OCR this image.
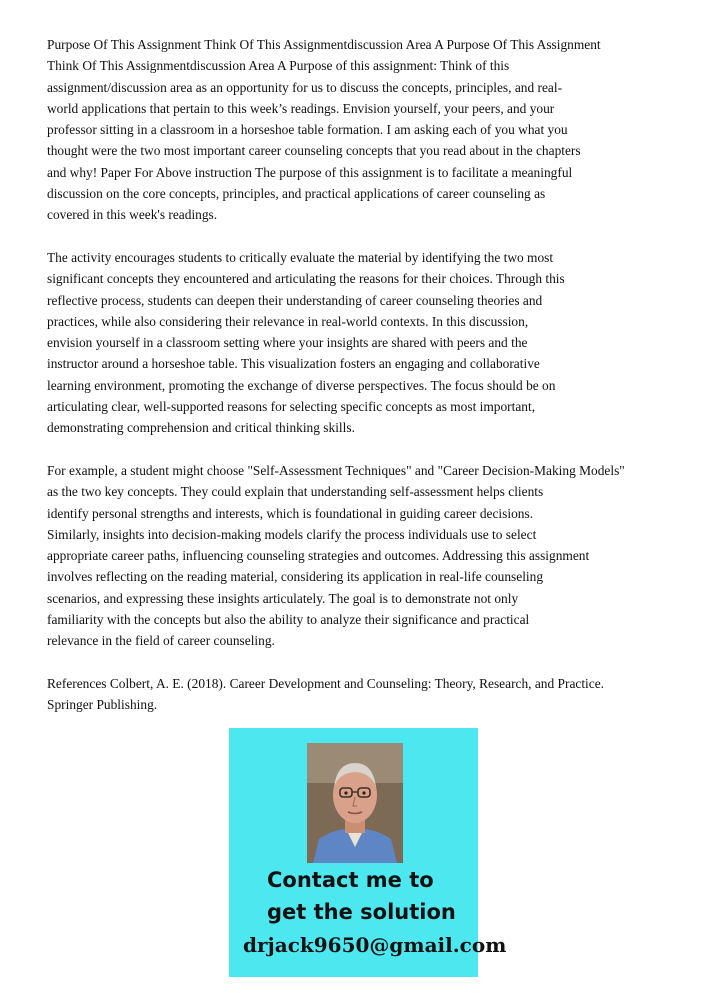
Purpose Of This Assignment Think Of This Assignmentdiscussion Area A Purpose Of This Assignment
Think Of This Assignmentdiscussion Area A Purpose of this assignment: Think of this
assignment/discussion area as an opportunity for us to discuss the concepts, principles, and real-
world applications that pertain to this week’s readings. Envision yourself, your peers, and your
professor sitting in a classroom in a horseshoe table formation. I am asking each of you what you
thought were the two most important career counseling concepts that you read about in the chapters
and why! Paper For Above instruction The purpose of this assignment is to facilitate a meaningful
discussion on the core concepts, principles, and practical applications of career counseling as
covered in this week's readings.

The activity encourages students to critically evaluate the material by identifying the two most
significant concepts they encountered and articulating the reasons for their choices. Through this
reflective process, students can deepen their understanding of career counseling theories and
practices, while also considering their relevance in real-world contexts. In this discussion,
envision yourself in a classroom setting where your insights are shared with peers and the
instructor around a horseshoe table. This visualization fosters an engaging and collaborative
learning environment, promoting the exchange of diverse perspectives. The focus should be on
articulating clear, well-supported reasons for selecting specific concepts as most important,
demonstrating comprehension and critical thinking skills.

For example, a student might choose "Self-Assessment Techniques" and "Career Decision-Making Models"
as the two key concepts. They could explain that understanding self-assessment helps clients
identify personal strengths and interests, which is foundational in guiding career decisions.
Similarly, insights into decision-making models clarify the process individuals use to select
appropriate career paths, influencing counseling strategies and outcomes. Addressing this assignment
involves reflecting on the reading material, considering its application in real-life counseling
scenarios, and expressing these insights articulately. The goal is to demonstrate not only
familiarity with the concepts but also the ability to analyze their significance and practical
relevance in the field of career counseling.

References Colbert, A. E. (2018). Career Development and Counseling: Theory, Research, and Practice.
Springer Publishing.

Contact me to
get the solution
drjack9650@gmail.com
